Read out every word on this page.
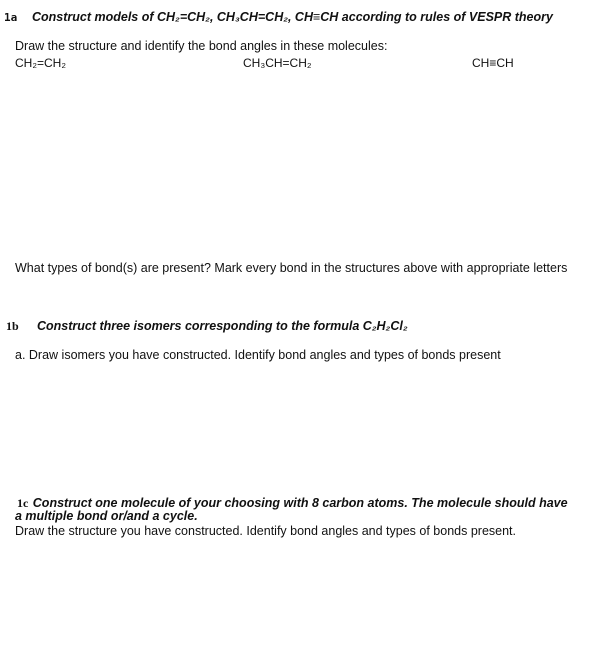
1a Construct models of CH₂=CH₂, CH₃CH=CH₂, CH≡CH according to rules of VESPR theory
Draw the structure and identify the bond angles in these molecules:
CH₂=CH₂	CH₃CH=CH₂	CH≡CH
What types of bond(s) are present? Mark every bond in the structures above with appropriate letters
1b Construct three isomers corresponding to the formula C₂H₂Cl₂
a. Draw isomers you have constructed. Identify bond angles and types of bonds present
1c Construct one molecule of your choosing with 8 carbon atoms. The molecule should have
a multiple bond or/and a cycle.
Draw the structure you have constructed. Identify bond angles and types of bonds present.
